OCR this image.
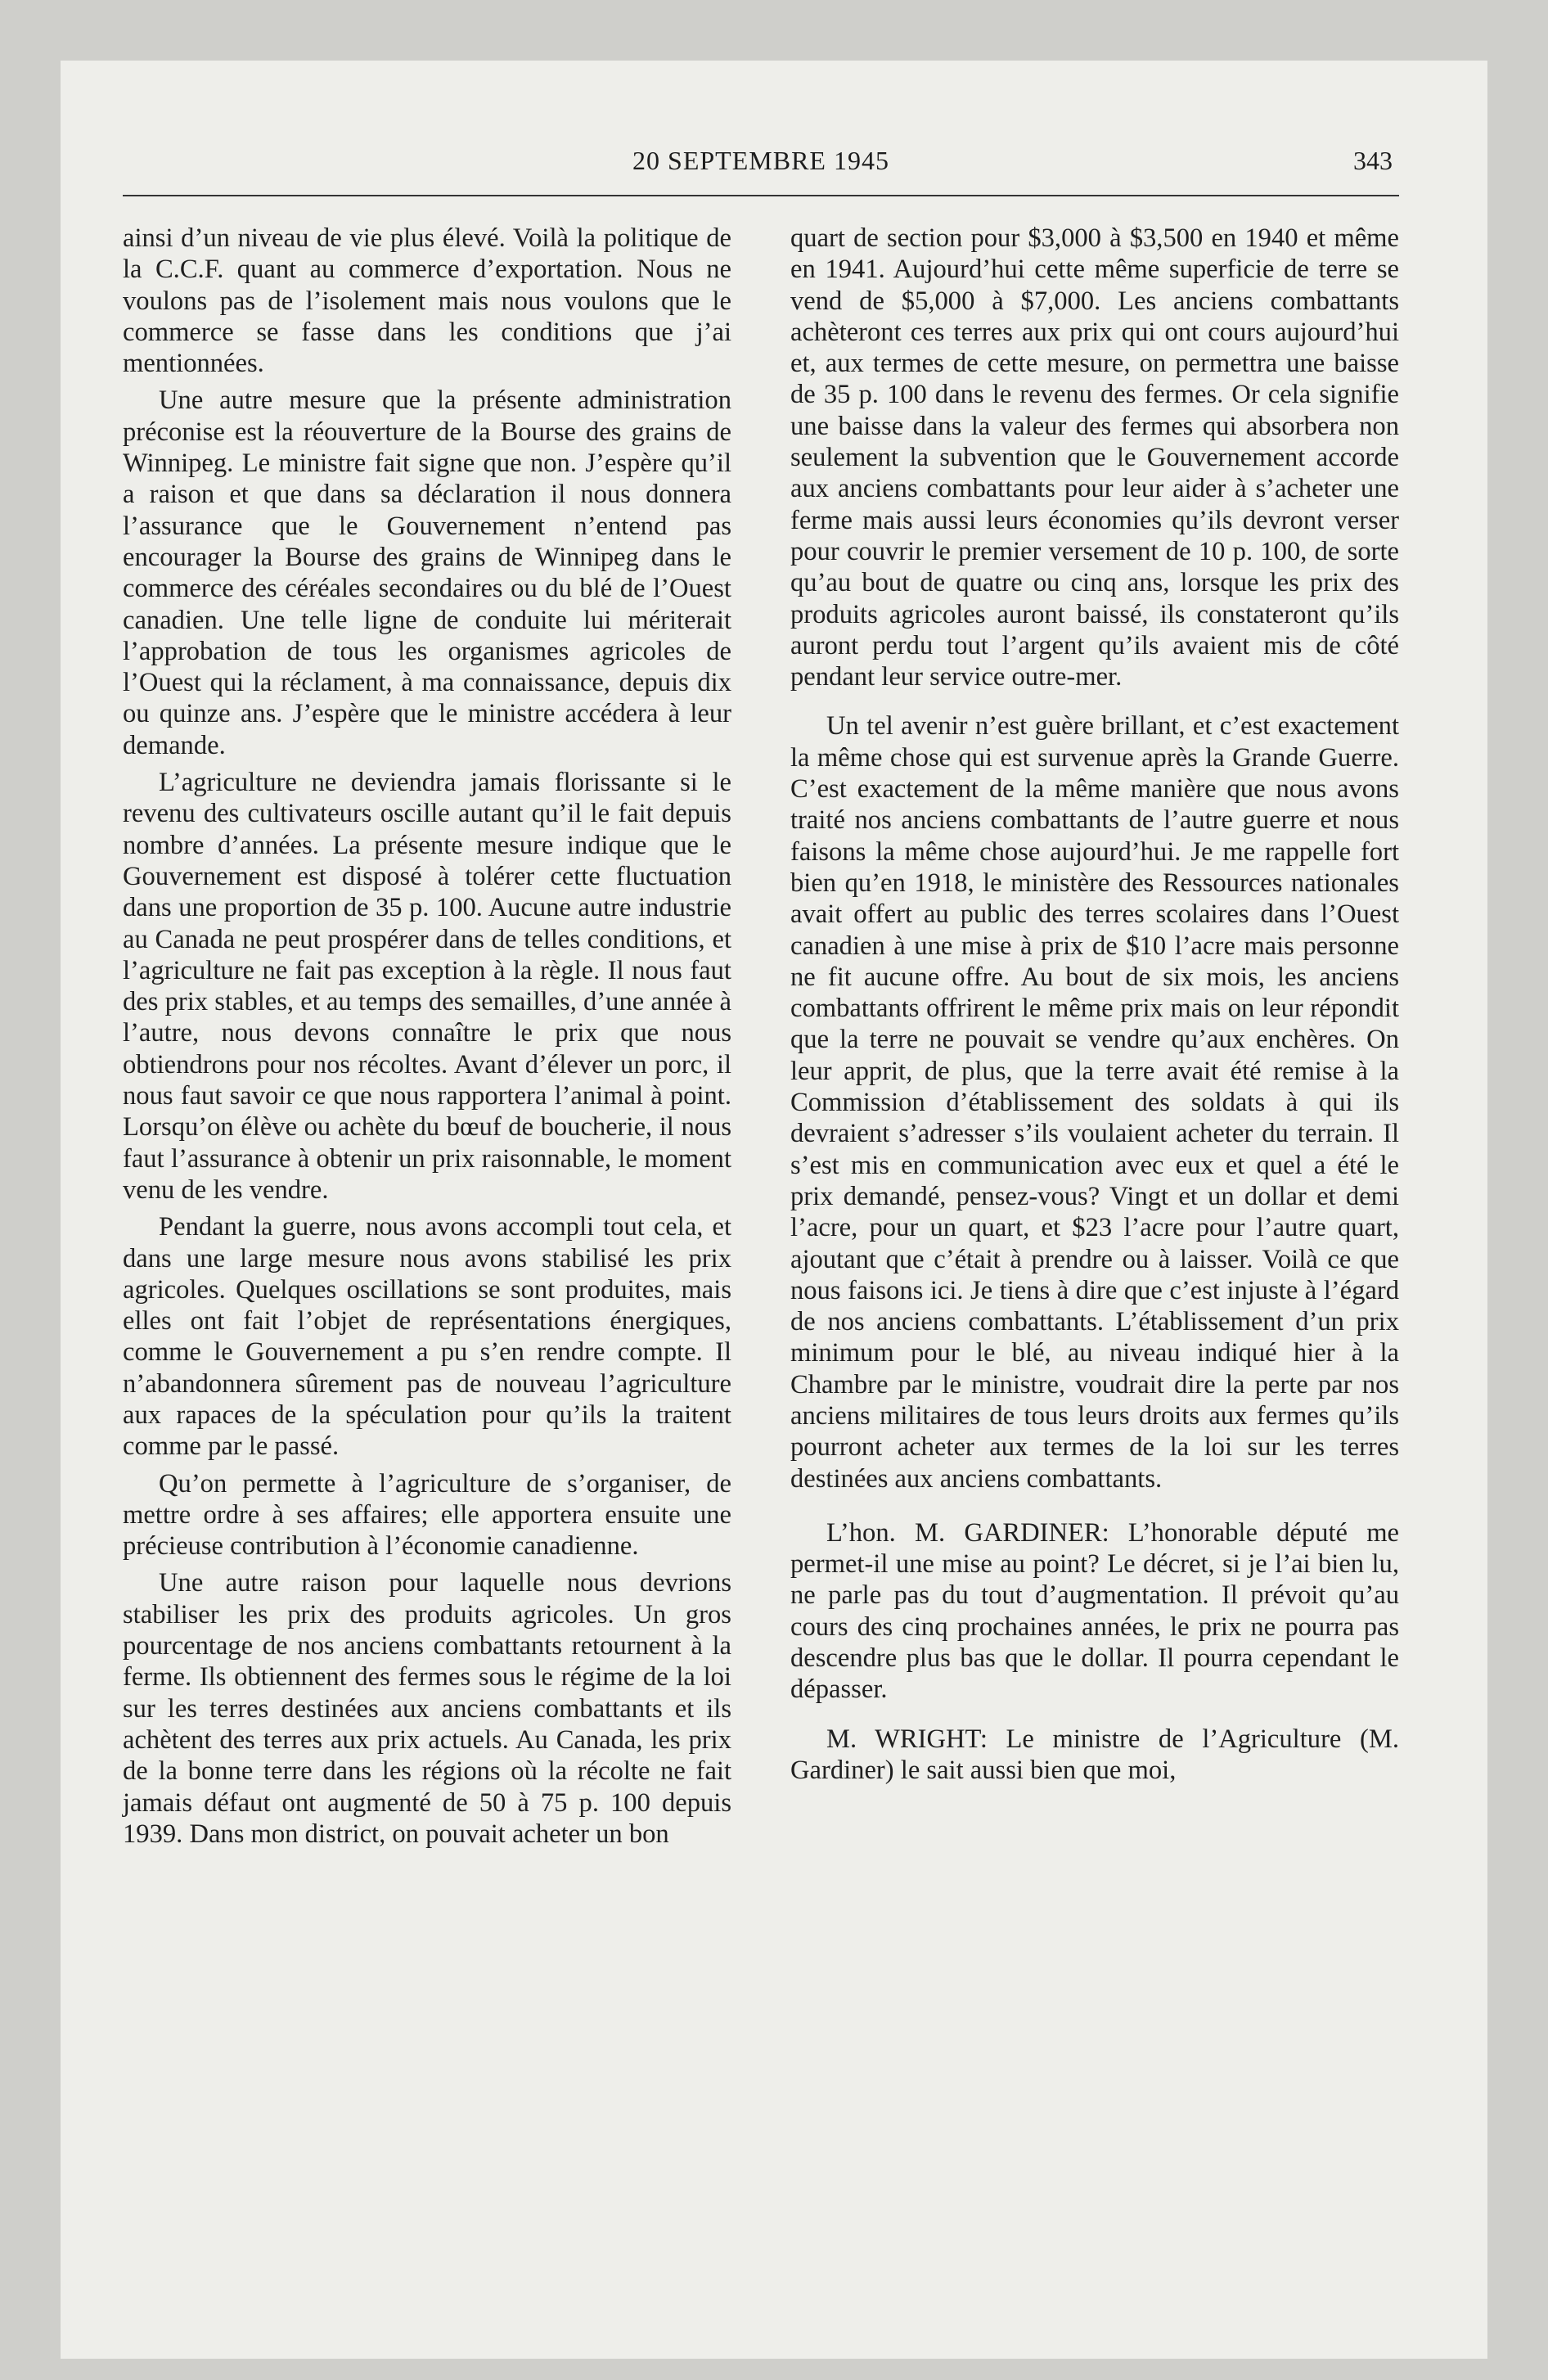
20 SEPTEMBRE 1945	343

ainsi d’un niveau de vie plus élevé. Voilà la politique de la C.C.F. quant au commerce d’exportation. Nous ne voulons pas de l’isolement mais nous voulons que le commerce se fasse dans les conditions que j’ai mentionnées.

Une autre mesure que la présente administration préconise est la réouverture de la Bourse des grains de Winnipeg. Le ministre fait signe que non. J’espère qu’il a raison et que dans sa déclaration il nous donnera l’assurance que le Gouvernement n’entend pas encourager la Bourse des grains de Winnipeg dans le commerce des céréales secondaires ou du blé de l’Ouest canadien. Une telle ligne de conduite lui mériterait l’approbation de tous les organismes agricoles de l’Ouest qui la réclament, à ma connaissance, depuis dix ou quinze ans. J’espère que le ministre accédera à leur demande.

L’agriculture ne deviendra jamais florissante si le revenu des cultivateurs oscille autant qu’il le fait depuis nombre d’années. La présente mesure indique que le Gouvernement est disposé à tolérer cette fluctuation dans une proportion de 35 p. 100. Aucune autre industrie au Canada ne peut prospérer dans de telles conditions, et l’agriculture ne fait pas exception à la règle. Il nous faut des prix stables, et au temps des semailles, d’une année à l’autre, nous devons connaître le prix que nous obtiendrons pour nos récoltes. Avant d’élever un porc, il nous faut savoir ce que nous rapportera l’animal à point. Lorsqu’on élève ou achète du bœuf de boucherie, il nous faut l’assurance à obtenir un prix raisonnable, le moment venu de les vendre.

Pendant la guerre, nous avons accompli tout cela, et dans une large mesure nous avons stabilisé les prix agricoles. Quelques oscillations se sont produites, mais elles ont fait l’objet de représentations énergiques, comme le Gouvernement a pu s’en rendre compte. Il n’abandonnera sûrement pas de nouveau l’agriculture aux rapaces de la spéculation pour qu’ils la traitent comme par le passé.

Qu’on permette à l’agriculture de s’organiser, de mettre ordre à ses affaires; elle apportera ensuite une précieuse contribution à l’économie canadienne.

Une autre raison pour laquelle nous devrions stabiliser les prix des produits agricoles. Un gros pourcentage de nos anciens combattants retournent à la ferme. Ils obtiennent des fermes sous le régime de la loi sur les terres destinées aux anciens combattants et ils achètent des terres aux prix actuels. Au Canada, les prix de la bonne terre dans les régions où la récolte ne fait jamais défaut ont augmenté de 50 à 75 p. 100 depuis 1939. Dans mon district, on pouvait acheter un bon

quart de section pour $3,000 à $3,500 en 1940 et même en 1941. Aujourd’hui cette même superficie de terre se vend de $5,000 à $7,000. Les anciens combattants achèteront ces terres aux prix qui ont cours aujourd’hui et, aux termes de cette mesure, on permettra une baisse de 35 p. 100 dans le revenu des fermes. Or cela signifie une baisse dans la valeur des fermes qui absorbera non seulement la subvention que le Gouvernement accorde aux anciens combattants pour leur aider à s’acheter une ferme mais aussi leurs économies qu’ils devront verser pour couvrir le premier versement de 10 p. 100, de sorte qu’au bout de quatre ou cinq ans, lorsque les prix des produits agricoles auront baissé, ils constateront qu’ils auront perdu tout l’argent qu’ils avaient mis de côté pendant leur service outre-mer.

Un tel avenir n’est guère brillant, et c’est exactement la même chose qui est survenue après la Grande Guerre. C’est exactement de la même manière que nous avons traité nos anciens combattants de l’autre guerre et nous faisons la même chose aujourd’hui. Je me rappelle fort bien qu’en 1918, le ministère des Ressources nationales avait offert au public des terres scolaires dans l’Ouest canadien à une mise à prix de $10 l’acre mais personne ne fit aucune offre. Au bout de six mois, les anciens combattants offrirent le même prix mais on leur répondit que la terre ne pouvait se vendre qu’aux enchères. On leur apprit, de plus, que la terre avait été remise à la Commission d’établissement des soldats à qui ils devraient s’adresser s’ils voulaient acheter du terrain. Il s’est mis en communication avec eux et quel a été le prix demandé, pensez-vous? Vingt et un dollar et demi l’acre, pour un quart, et $23 l’acre pour l’autre quart, ajoutant que c’était à prendre ou à laisser. Voilà ce que nous faisons ici. Je tiens à dire que c’est injuste à l’égard de nos anciens combattants. L’établissement d’un prix minimum pour le blé, au niveau indiqué hier à la Chambre par le ministre, voudrait dire la perte par nos anciens militaires de tous leurs droits aux fermes qu’ils pourront acheter aux termes de la loi sur les terres destinées aux anciens combattants.

L’hon. M. GARDINER: L’honorable député me permet-il une mise au point? Le décret, si je l’ai bien lu, ne parle pas du tout d’augmentation. Il prévoit qu’au cours des cinq prochaines années, le prix ne pourra pas descendre plus bas que le dollar. Il pourra cependant le dépasser.

M. WRIGHT: Le ministre de l’Agriculture (M. Gardiner) le sait aussi bien que moi,
